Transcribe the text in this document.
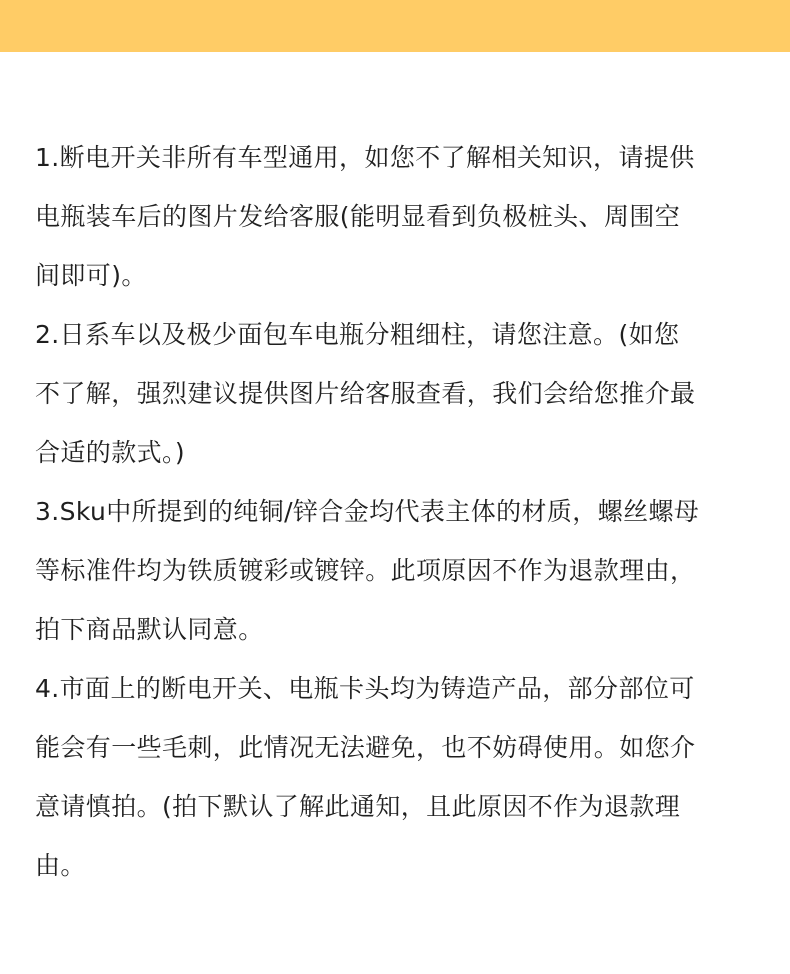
1.断电开关非所有车型通用，如您不了解相关知识，请提供
电瓶装车后的图片发给客服(能明显看到负极桩头、周围空
间即可)。
2.日系车以及极少面包车电瓶分粗细柱，请您注意。(如您
不了解，强烈建议提供图片给客服查看，我们会给您推介最
合适的款式。)
3.Sku中所提到的纯铜/锌合金均代表主体的材质，螺丝螺母
等标准件均为铁质镀彩或镀锌。此项原因不作为退款理由，
拍下商品默认同意。
4.市面上的断电开关、电瓶卡头均为铸造产品，部分部位可
能会有一些毛刺，此情况无法避免，也不妨碍使用。如您介
意请慎拍。(拍下默认了解此通知，且此原因不作为退款理
由。
